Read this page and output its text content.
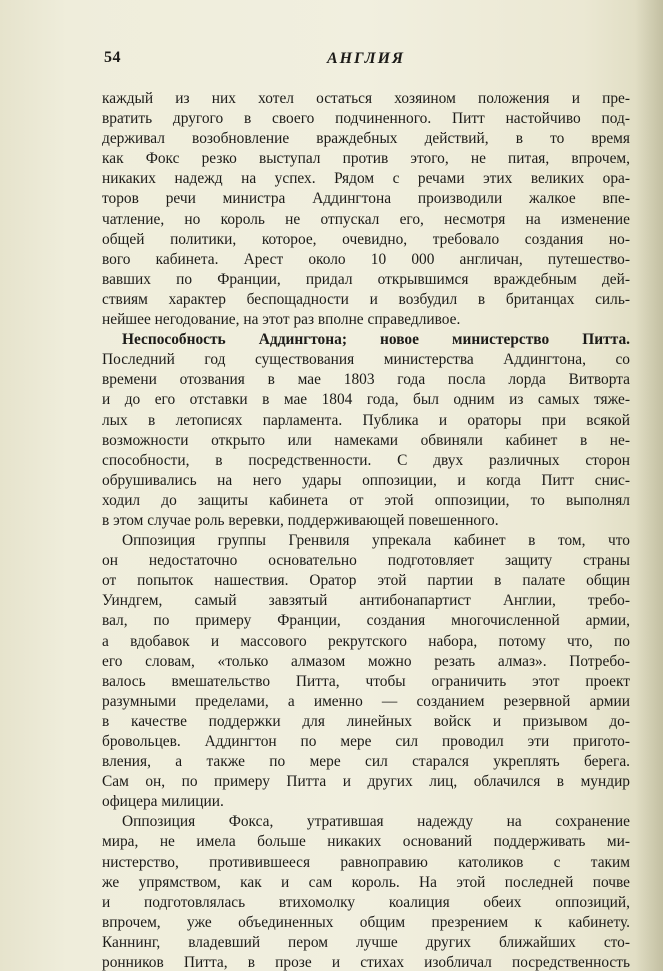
54	АНГЛИЯ
каждый из них хотел остаться хозяином положения и пре-
вратить другого в своего подчиненного. Питт настойчиво под-
держивал возобновление враждебных действий, в то время
как Фокс резко выступал против этого, не питая, впрочем,
никаких надежд на успех. Рядом с речами этих великих ора-
торов речи министра Аддингтона производили жалкое впе-
чатление, но король не отпускал его, несмотря на изменение
общей политики, которое, очевидно, требовало создания но-
вого кабинета. Арест около 10 000 англичан, путешество-
вавших по Франции, придал открывшимся враждебным дей-
ствиям характер беспощадности и возбудил в британцах силь-
нейшее негодование, на этот раз вполне справедливое.
Неспособность Аддингтона; новое министерство Питта.
Последний год существования министерства Аддингтона, со
времени отозвания в мае 1803 года посла лорда Витворта
и до его отставки в мае 1804 года, был одним из самых тяже-
лых в летописях парламента. Публика и ораторы при всякой
возможности открыто или намеками обвиняли кабинет в не-
способности, в посредственности. С двух различных сторон
обрушивались на него удары оппозиции, и когда Питт снис-
ходил до защиты кабинета от этой оппозиции, то выполнял
в этом случае роль веревки, поддерживающей повешенного.
Оппозиция группы Гренвиля упрекала кабинет в том, что
он недостаточно основательно подготовляет защиту страны
от попыток нашествия. Оратор этой партии в палате общин
Уиндгем, самый завзятый антибонапартист Англии, требо-
вал, по примеру Франции, создания многочисленной армии,
а вдобавок и массового рекрутского набора, потому что, по
его словам, «только алмазом можно резать алмаз». Потребо-
валось вмешательство Питта, чтобы ограничить этот проект
разумными пределами, а именно — созданием резервной армии
в качестве поддержки для линейных войск и призывом до-
бровольцев. Аддингтон по мере сил проводил эти пригото-
вления, а также по мере сил старался укреплять берега.
Сам он, по примеру Питта и других лиц, облачился в мундир
офицера милиции.
Оппозиция Фокса, утратившая надежду на сохранение
мира, не имела больше никаких оснований поддерживать ми-
нистерство, противившееся равноправию католиков с таким
же упрямством, как и сам король. На этой последней почве
и подготовлялась втихомолку коалиция обеих оппозиций,
впрочем, уже объединенных общим презрением к кабинету.
Каннинг, владевший пером лучше других ближайших сто-
ронников Питта, в прозе и стихах изобличал посредственность
